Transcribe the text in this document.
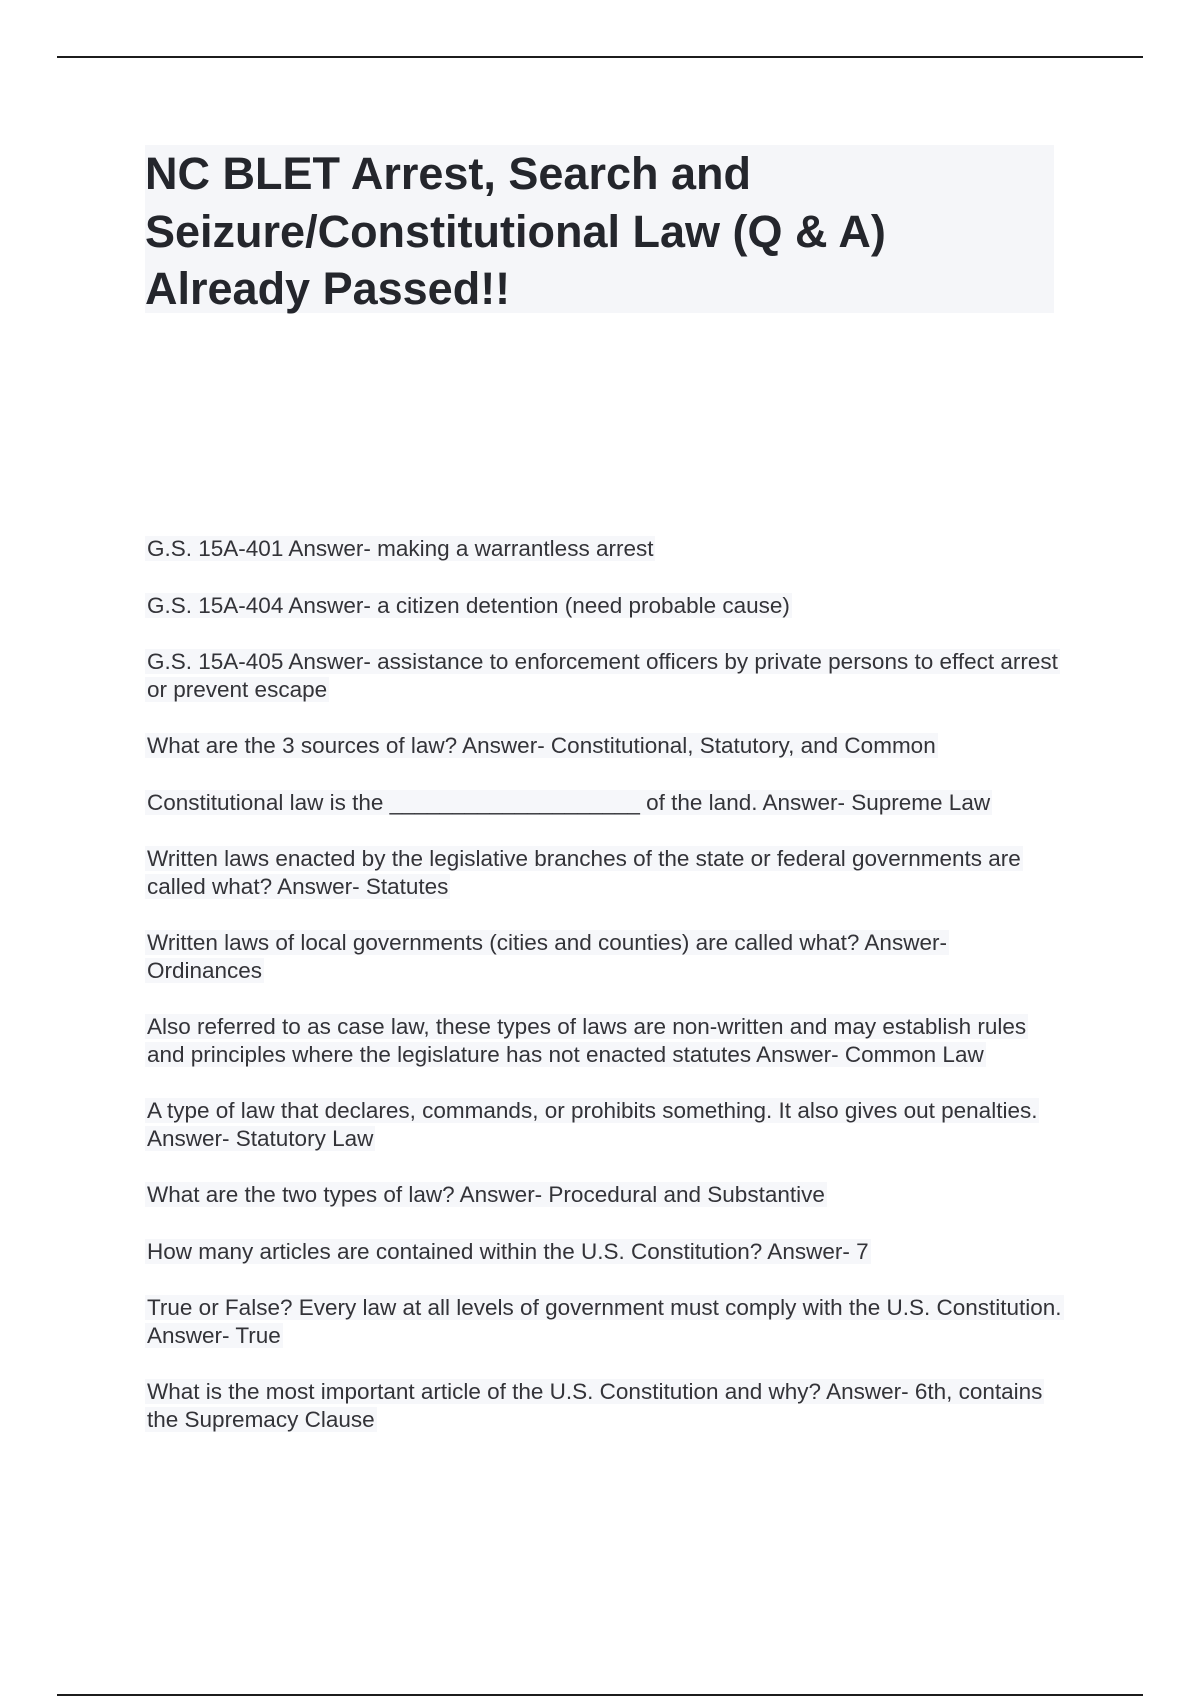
NC BLET Arrest, Search and
Seizure/Constitutional Law (Q & A)
Already Passed!!
G.S. 15A-401 Answer- making a warrantless arrest
G.S. 15A-404 Answer- a citizen detention (need probable cause)
G.S. 15A-405 Answer- assistance to enforcement officers by private persons to effect arrest or prevent escape
What are the 3 sources of law? Answer- Constitutional, Statutory, and Common
Constitutional law is the ____________________ of the land. Answer- Supreme Law
Written laws enacted by the legislative branches of the state or federal governments are called what? Answer- Statutes
Written laws of local governments (cities and counties) are called what? Answer- Ordinances
Also referred to as case law, these types of laws are non-written and may establish rules and principles where the legislature has not enacted statutes Answer- Common Law
A type of law that declares, commands, or prohibits something. It also gives out penalties. Answer- Statutory Law
What are the two types of law? Answer- Procedural and Substantive
How many articles are contained within the U.S. Constitution? Answer- 7
True or False? Every law at all levels of government must comply with the U.S. Constitution. Answer- True
What is the most important article of the U.S. Constitution and why? Answer- 6th, contains the Supremacy Clause
